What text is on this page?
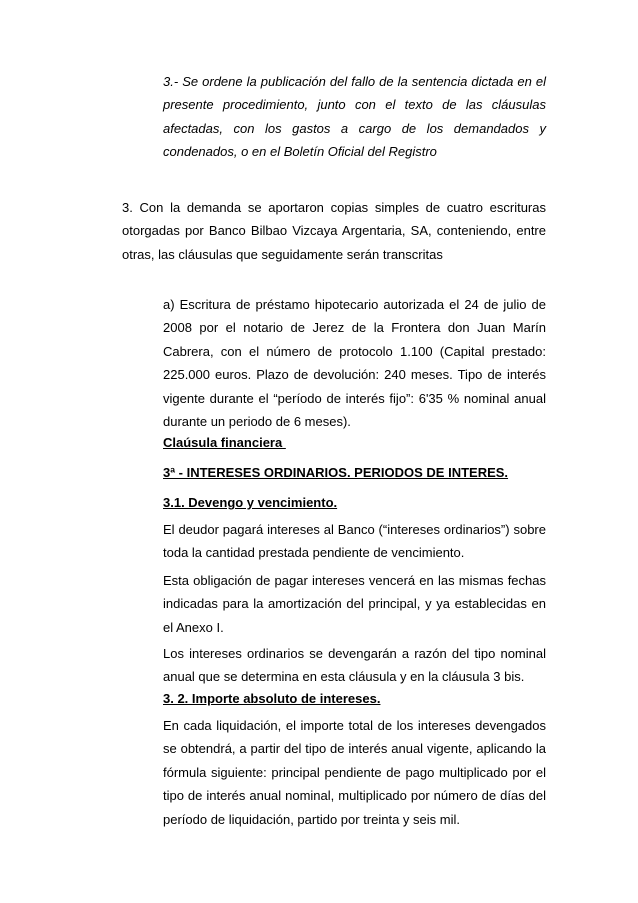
3.- Se ordene la publicación del fallo de la sentencia dictada en el presente procedimiento, junto con el texto de las cláusulas afectadas, con los gastos a cargo de los demandados y condenados, o en el Boletín Oficial del Registro

3. Con la demanda se aportaron copias simples de cuatro escrituras otorgadas por Banco Bilbao Vizcaya Argentaria, SA, conteniendo, entre otras, las cláusulas que seguidamente serán transcritas

a) Escritura de préstamo hipotecario autorizada el 24 de julio de 2008 por el notario de Jerez de la Frontera don Juan Marín Cabrera, con el número de protocolo 1.100 (Capital prestado: 225.000 euros. Plazo de devolución: 240 meses. Tipo de interés vigente durante el “período de interés fijo”: 6'35 % nominal anual durante un periodo de 6 meses).

Claúsula financiera

3ª - INTERESES ORDINARIOS. PERIODOS DE INTERES.

3.1. Devengo y vencimiento.

El deudor pagará intereses al Banco (“intereses ordinarios”) sobre toda la cantidad prestada pendiente de vencimiento.

Esta obligación de pagar intereses vencerá en las mismas fechas indicadas para la amortización del principal, y ya establecidas en el Anexo I.

Los intereses ordinarios se devengarán a razón del tipo nominal anual que se determina en esta cláusula y en la cláusula 3 bis.

3. 2. Importe absoluto de intereses.

En cada liquidación, el importe total de los intereses devengados se obtendrá, a partir del tipo de interés anual vigente, aplicando la fórmula siguiente: principal pendiente de pago multiplicado por el tipo de interés anual nominal, multiplicado por número de días del período de liquidación, partido por treinta y seis mil.
